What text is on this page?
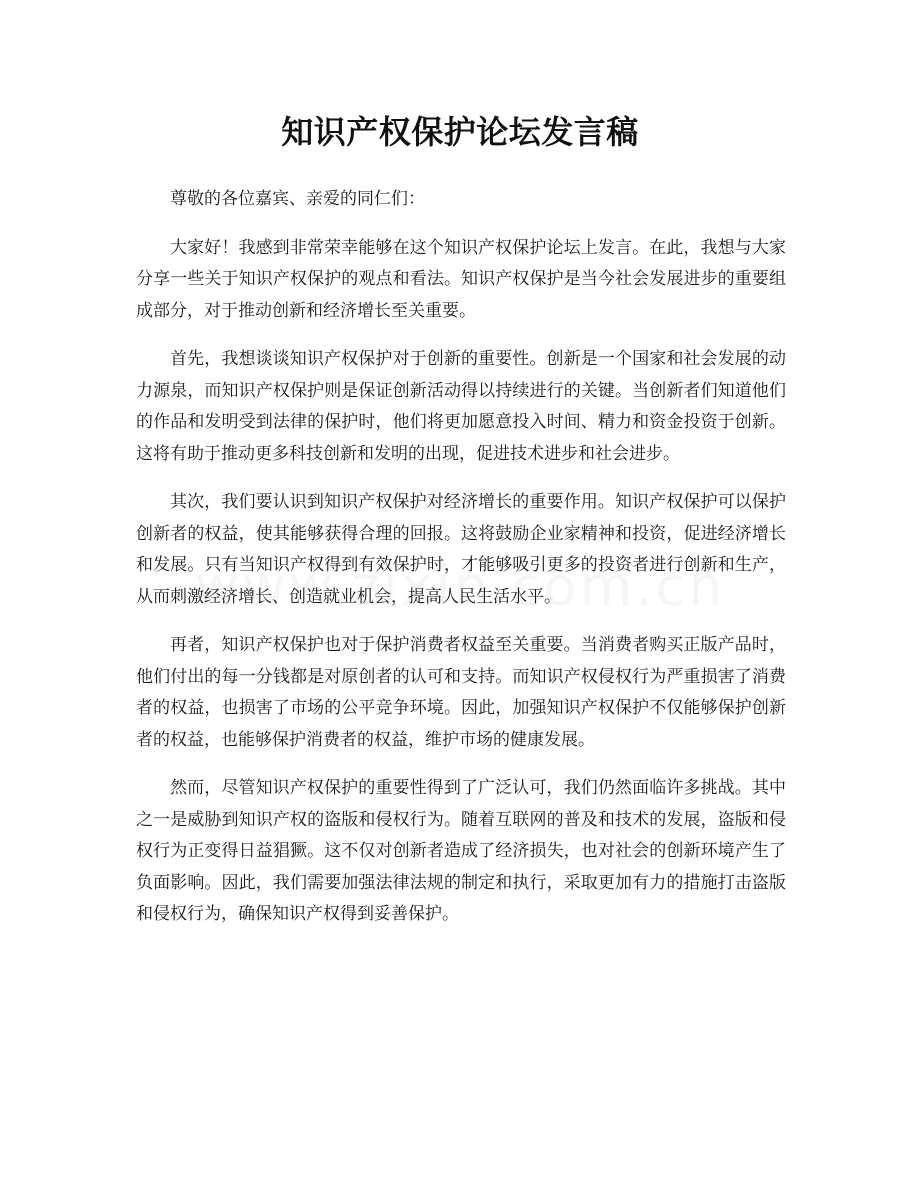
知识产权保护论坛发言稿

尊敬的各位嘉宾、亲爱的同仁们：

大家好！我感到非常荣幸能够在这个知识产权保护论坛上发言。在此，我想与大家分享一些关于知识产权保护的观点和看法。知识产权保护是当今社会发展进步的重要组成部分，对于推动创新和经济增长至关重要。

首先，我想谈谈知识产权保护对于创新的重要性。创新是一个国家和社会发展的动力源泉，而知识产权保护则是保证创新活动得以持续进行的关键。当创新者们知道他们的作品和发明受到法律的保护时，他们将更加愿意投入时间、精力和资金投资于创新。这将有助于推动更多科技创新和发明的出现，促进技术进步和社会进步。

其次，我们要认识到知识产权保护对经济增长的重要作用。知识产权保护可以保护创新者的权益，使其能够获得合理的回报。这将鼓励企业家精神和投资，促进经济增长和发展。只有当知识产权得到有效保护时，才能够吸引更多的投资者进行创新和生产，从而刺激经济增长、创造就业机会，提高人民生活水平。

再者，知识产权保护也对于保护消费者权益至关重要。当消费者购买正版产品时，他们付出的每一分钱都是对原创者的认可和支持。而知识产权侵权行为严重损害了消费者的权益，也损害了市场的公平竞争环境。因此，加强知识产权保护不仅能够保护创新者的权益，也能够保护消费者的权益，维护市场的健康发展。

然而，尽管知识产权保护的重要性得到了广泛认可，我们仍然面临许多挑战。其中之一是威胁到知识产权的盗版和侵权行为。随着互联网的普及和技术的发展，盗版和侵权行为正变得日益猖獗。这不仅对创新者造成了经济损失，也对社会的创新环境产生了负面影响。因此，我们需要加强法律法规的制定和执行，采取更加有力的措施打击盗版和侵权行为，确保知识产权得到妥善保护。
